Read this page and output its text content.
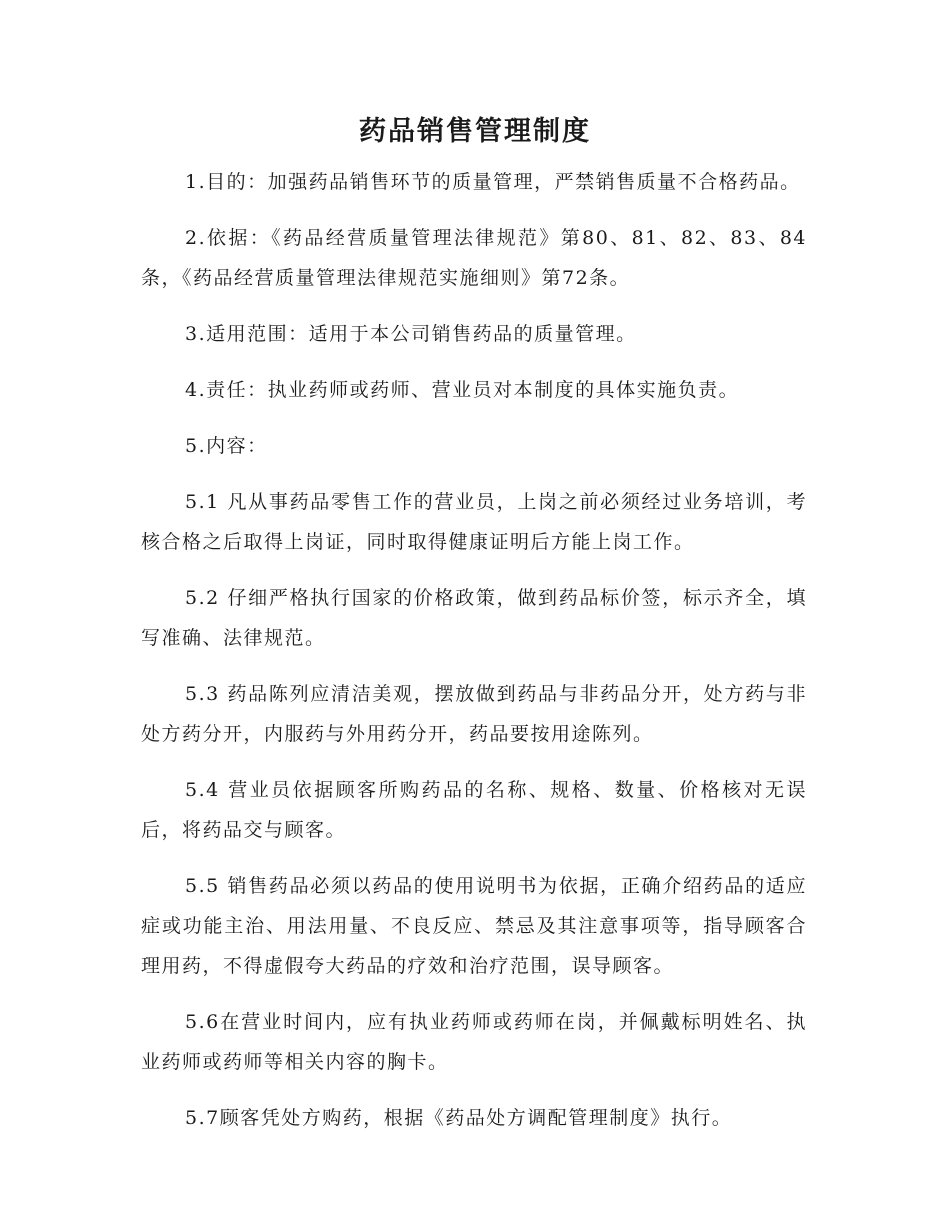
药品销售管理制度

1.目的：加强药品销售环节的质量管理，严禁销售质量不合格药品。

2.依据：《药品经营质量管理法律规范》第80、81、82、83、84条，《药品经营质量管理法律规范实施细则》第72条。

3.适用范围：适用于本公司销售药品的质量管理。

4.责任：执业药师或药师、营业员对本制度的具体实施负责。

5.内容：

5.1 凡从事药品零售工作的营业员，上岗之前必须经过业务培训，考核合格之后取得上岗证，同时取得健康证明后方能上岗工作。

5.2 仔细严格执行国家的价格政策，做到药品标价签，标示齐全，填写准确、法律规范。

5.3 药品陈列应清洁美观，摆放做到药品与非药品分开，处方药与非处方药分开，内服药与外用药分开，药品要按用途陈列。

5.4 营业员依据顾客所购药品的名称、规格、数量、价格核对无误后，将药品交与顾客。

5.5 销售药品必须以药品的使用说明书为依据，正确介绍药品的适应症或功能主治、用法用量、不良反应、禁忌及其注意事项等，指导顾客合理用药，不得虚假夸大药品的疗效和治疗范围，误导顾客。

5.6在营业时间内，应有执业药师或药师在岗，并佩戴标明姓名、执业药师或药师等相关内容的胸卡。

5.7顾客凭处方购药，根据《药品处方调配管理制度》执行。
